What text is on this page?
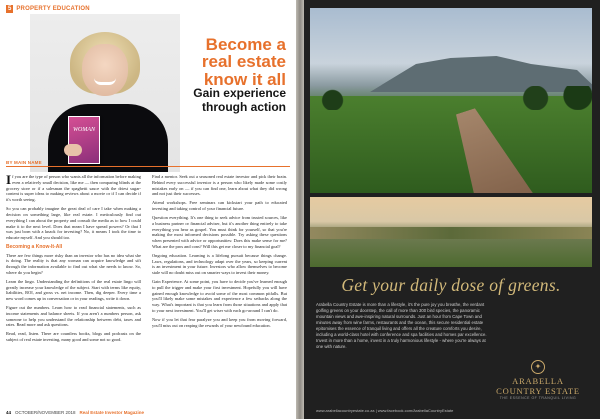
5 PROPERTY EDUCATION
WOMAN
Become a real estate know it all
Gain experience through action
BY MAIN NAME

If you are the type of person who wants all the information before making even a relatively small decision, like me — then comparing blinds at the grocery store or if a salesman the spaghetti sauce with the driest sugar-content is super ideas to making reviews about a movie or if I can decide if it's worth seeing.

So you can probably imagine the great deal of care I take when making a decision on something large, like real estate. I meticulously find out everything I can about the property and consult the media as to how I could make it to the next level. Does that mean I have spread powers? Or that I was just born with a knack for investing? No, it means I took the time to educate myself. And you should too.

Becoming a Know-It-All

There are few things more risky than an investor who has no idea what she is doing. The reality is that any woman can acquire knowledge and sift through the information available to find out what she needs to know. So, where do you begin?

Learn the lingo. Understanding the definitions of the real estate lingo will greatly increase your knowledge of the subject. Start with terms like equity, liabilities, ROI, and gross vs. net income. Then, dig deeper. Every time a new word comes up in conversation or in your readings, write it down.

Figure out the numbers. Learn how to read financial statements, such as income statements and balance sheets. If you aren't a numbers person, ask someone to help you understand the relationship between debt, taxes and rates. Read more and ask questions.

Read, read, listen. There are countless books, blogs and podcasts on the subject of real estate investing, many good and some not so good.

Find a mentor. Seek out a seasoned real estate investor and pick their brain. Behind every successful investor is a person who likely made some costly mistakes early on — if you can find one, learn about what they did wrong and not just their successes.

Attend workshops. Free seminars can kickstart your path to educated investing and taking control of your financial future.

Question everything. It's one thing to seek advice from trusted sources, like a business partner or financial adviser, but it's another thing entirely to take everything you hear as gospel. You must think for yourself, so that you're making the most informed decisions possible. Try asking these questions when presented with advice or opportunities: Does this make sense for me? What are the pros and cons? Will this get me closer to my financial goal?

Ongoing education. Learning is a lifelong pursuit because things change. Laws, regulations, and technology adapt over the years, so keeping current is an investment in your future. Investors who allow themselves to become stale will no doubt miss out on smarter ways to invest their money.

Gain Experience. At some point, you have to decide you've learned enough to pull the trigger and make your first investment. Hopefully you will have gained enough knowledge to avoid some of the most common pitfalls. But you'll likely make some mistakes and experience a few setbacks along the way. What's important is that you learn from those situations and apply that to your next investment. You'll get wiser with each go-around I can't do.

Now if you let that fear paralyze you and keep you from moving forward, you'll miss out on reaping the rewards of your newfound education.

44 OCTOBER/NOVEMBER 2018 Real Estate Investor Magazine
Get your daily dose of greens.

Arabella Country Estate is more than a lifestyle, it's the pure joy you breathe, the verdant golfing greens on your doorstep, the call of more than 300 bird species, the panoramic mountain views and awe-inspiring natural surrounds. Just an hour from Cape Town and minutes away from wine farms, restaurants and the ocean, this secure residential estate epitomises the essence of tranquil living and offers all the creature comforts you desire, including a world-class hotel with conference and spa facilities and homes par excellence. Invest in more than a home, invest in a truly harmonious lifestyle - where you're always at one with nature.

✦
ARABELLA COUNTRY ESTATE
THE ESSENCE OF TRANQUIL LIVING
www.arabellacountryestate.co.za | www.facebook.com/ArabellaCountryEstate
